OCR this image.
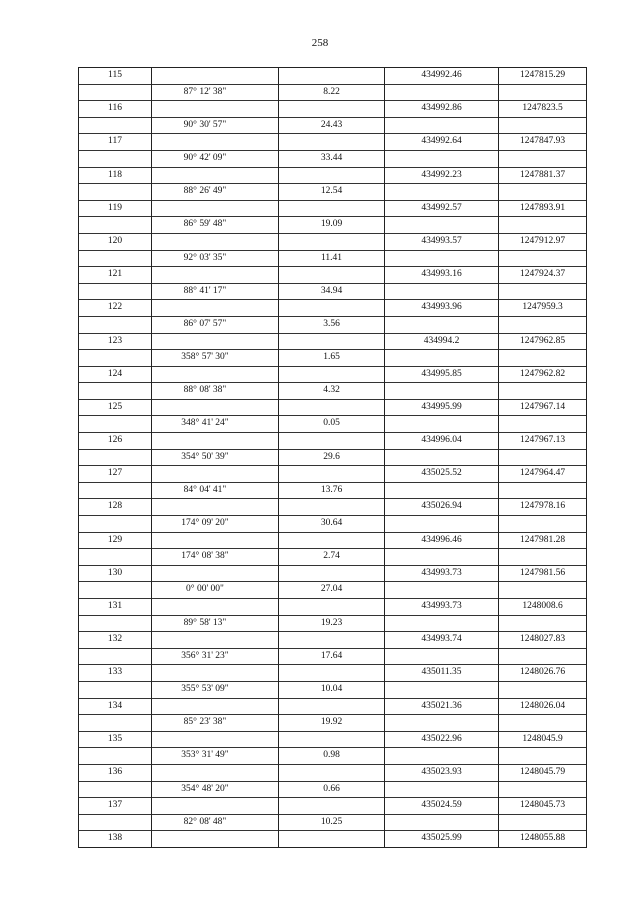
258
115			434992.46	1247815.29
	87° 12' 38"	8.22		
116			434992.86	1247823.5
	90° 30' 57"	24.43		
117			434992.64	1247847.93
	90° 42' 09"	33.44		
118			434992.23	1247881.37
	88° 26' 49"	12.54		
119			434992.57	1247893.91
	86° 59' 48"	19.09		
120			434993.57	1247912.97
	92° 03' 35"	11.41		
121			434993.16	1247924.37
	88° 41' 17"	34.94		
122			434993.96	1247959.3
	86° 07' 57"	3.56		
123			434994.2	1247962.85
	358° 57' 30"	1.65		
124			434995.85	1247962.82
	88° 08' 38"	4.32		
125			434995.99	1247967.14
	348° 41' 24"	0.05		
126			434996.04	1247967.13
	354° 50' 39"	29.6		
127			435025.52	1247964.47
	84° 04' 41"	13.76		
128			435026.94	1247978.16
	174° 09' 20"	30.64		
129			434996.46	1247981.28
	174° 08' 38"	2.74		
130			434993.73	1247981.56
	0° 00' 00"	27.04		
131			434993.73	1248008.6
	89° 58' 13"	19.23		
132			434993.74	1248027.83
	356° 31' 23"	17.64		
133			435011.35	1248026.76
	355° 53' 09"	10.04		
134			435021.36	1248026.04
	85° 23' 38"	19.92		
135			435022.96	1248045.9
	353° 31' 49"	0.98		
136			435023.93	1248045.79
	354° 48' 20"	0.66		
137			435024.59	1248045.73
	82° 08' 48"	10.25		
138			435025.99	1248055.88
